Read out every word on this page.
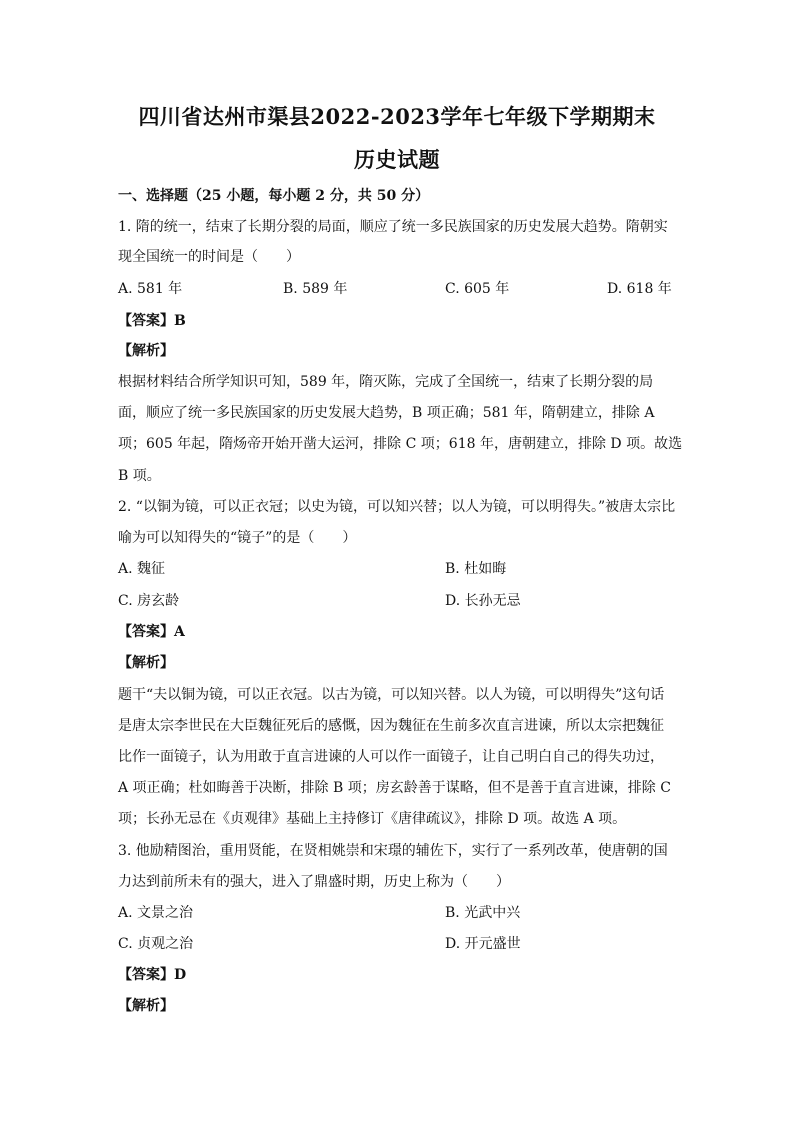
四川省达州市渠县2022-2023学年七年级下学期期末
历史试题
一、选择题（25 小题，每小题 2 分，共 50 分）
1. 隋的统一，结束了长期分裂的局面，顺应了统一多民族国家的历史发展大趋势。隋朝实
现全国统一的时间是（　　）
A. 581 年	B. 589 年	C. 605 年	D. 618 年
【答案】B
【解析】
根据材料结合所学知识可知，589 年，隋灭陈，完成了全国统一，结束了长期分裂的局
面，顺应了统一多民族国家的历史发展大趋势，B 项正确；581 年，隋朝建立，排除 A
项；605 年起，隋炀帝开始开凿大运河，排除 C 项；618 年，唐朝建立，排除 D 项。故选
B 项。
2. “以铜为镜，可以正衣冠；以史为镜，可以知兴替；以人为镜，可以明得失。”被唐太宗比
喻为可以知得失的“镜子”的是（　　）
A. 魏征	B. 杜如晦
C. 房玄龄	D. 长孙无忌
【答案】A
【解析】
题干“夫以铜为镜，可以正衣冠。以古为镜，可以知兴替。以人为镜，可以明得失”这句话
是唐太宗李世民在大臣魏征死后的感慨，因为魏征在生前多次直言进谏，所以太宗把魏征
比作一面镜子，认为用敢于直言进谏的人可以作一面镜子，让自己明白自己的得失功过，
A 项正确；杜如晦善于决断，排除 B 项；房玄龄善于谋略，但不是善于直言进谏，排除 C
项；长孙无忌在《贞观律》基础上主持修订《唐律疏议》，排除 D 项。故选 A 项。
3. 他励精图治，重用贤能，在贤相姚崇和宋璟的辅佐下，实行了一系列改革，使唐朝的国
力达到前所未有的强大，进入了鼎盛时期，历史上称为（　　）
A. 文景之治	B. 光武中兴
C. 贞观之治	D. 开元盛世
【答案】D
【解析】
